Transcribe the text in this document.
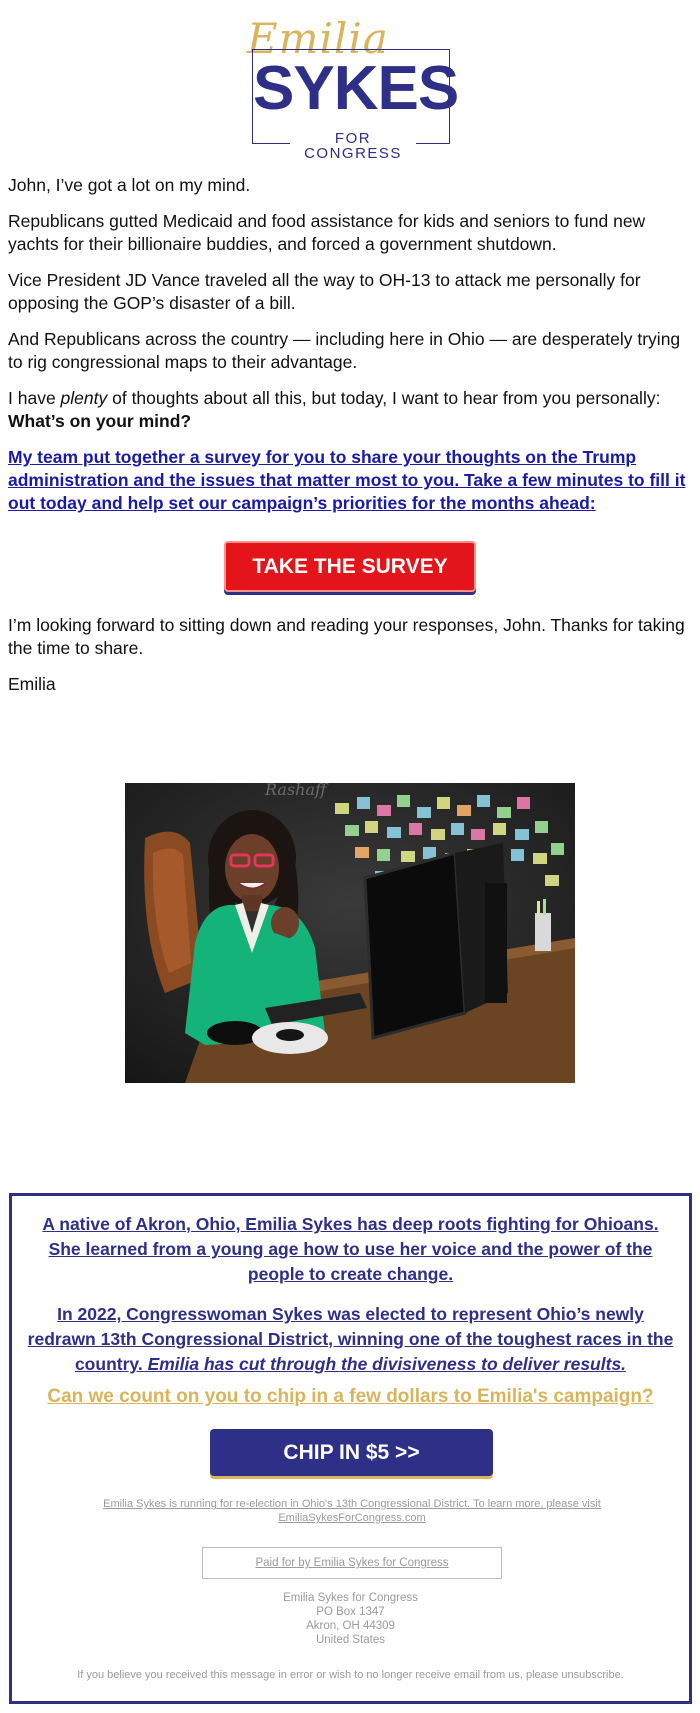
Emilia
SYKES
FOR CONGRESS

John, I’ve got a lot on my mind.

Republicans gutted Medicaid and food assistance for kids and seniors to fund new yachts for their billionaire buddies, and forced a government shutdown.

Vice President JD Vance traveled all the way to OH-13 to attack me personally for opposing the GOP’s disaster of a bill.

And Republicans across the country — including here in Ohio — are desperately trying to rig congressional maps to their advantage.

I have plenty of thoughts about all this, but today, I want to hear from you personally:
What’s on your mind?

My team put together a survey for you to share your thoughts on the Trump administration and the issues that matter most to you. Take a few minutes to fill it out today and help set our campaign’s priorities for the months ahead:

TAKE THE SURVEY

I’m looking forward to sitting down and reading your responses, John. Thanks for taking the time to share.

Emilia

Rashaff
A native of Akron, Ohio, Emilia Sykes has deep roots fighting for Ohioans. She learned from a young age how to use her voice and the power of the people to create change.
In 2022, Congresswoman Sykes was elected to represent Ohio’s newly redrawn 13th Congressional District, winning one of the toughest races in the country. Emilia has cut through the divisiveness to deliver results.
Can we count on you to chip in a few dollars to Emilia's campaign?
CHIP IN $5 >>
Emilia Sykes is running for re-election in Ohio's 13th Congressional District. To learn more, please visit EmiliaSykesForCongress.com
Paid for by Emilia Sykes for Congress
Emilia Sykes for Congress
PO Box 1347
Akron, OH 44309
United States
If you believe you received this message in error or wish to no longer receive email from us, please unsubscribe.
